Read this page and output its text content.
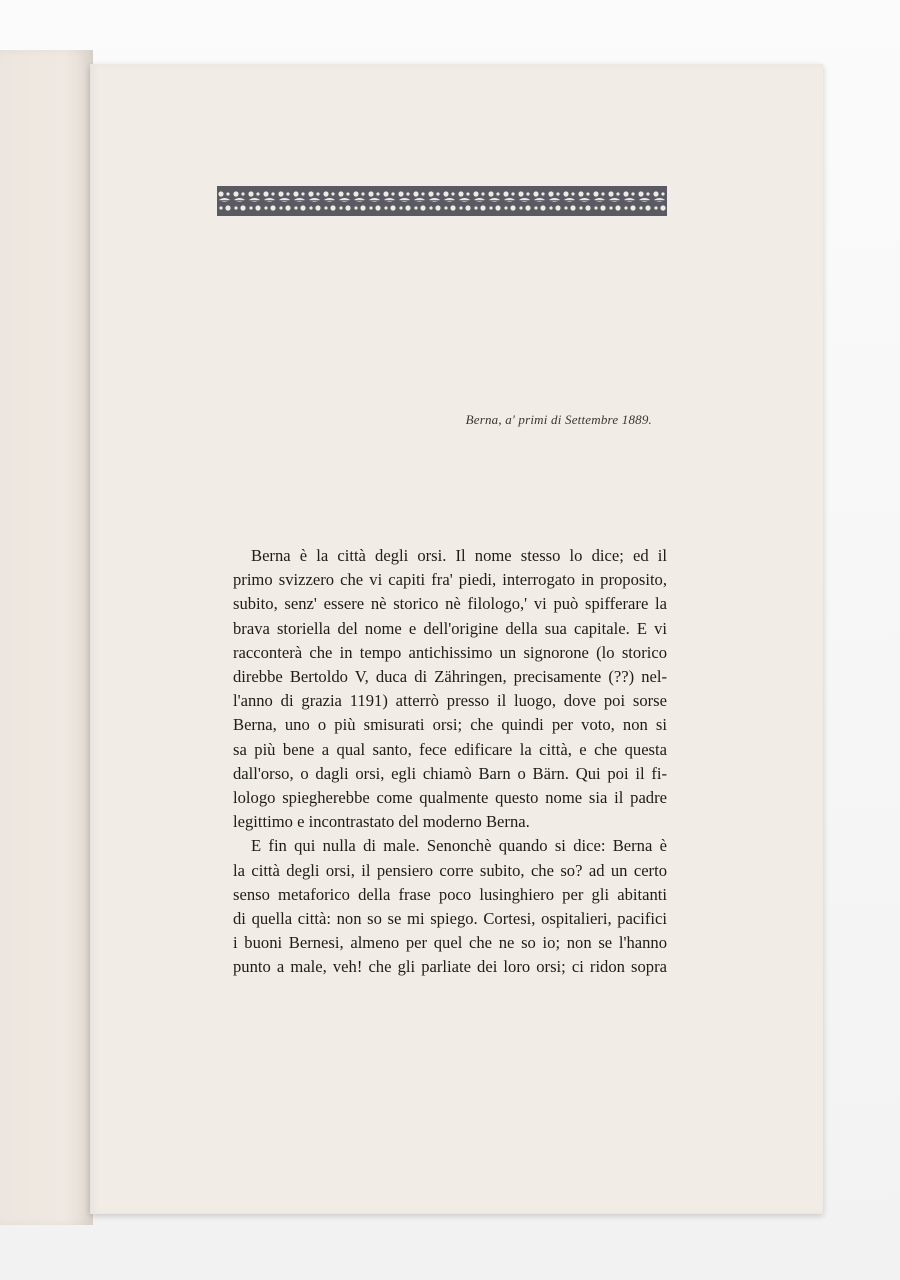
Berna, a' primi di Settembre 1889.
Berna è la città degli orsi. Il nome stesso lo dice; ed il
primo svizzero che vi capiti fra' piedi, interrogato in proposito,
subito, senz' essere nè storico nè filologo,' vi può spifferare la
brava storiella del nome e dell'origine della sua capitale. E vi
racconterà che in tempo antichissimo un signorone (lo storico
direbbe Bertoldo V, duca di Zähringen, precisamente (??) nel-
l'anno di grazia 1191) atterrò presso il luogo, dove poi sorse
Berna, uno o più smisurati orsi; che quindi per voto, non si
sa più bene a qual santo, fece edificare la città, e che questa
dall'orso, o dagli orsi, egli chiamò Barn o Bärn. Qui poi il fi-
lologo spiegherebbe come qualmente questo nome sia il padre
legittimo e incontrastato del moderno Berna.
E fin qui nulla di male. Senonchè quando si dice: Berna è
la città degli orsi, il pensiero corre subito, che so? ad un certo
senso metaforico della frase poco lusinghiero per gli abitanti
di quella città: non so se mi spiego. Cortesi, ospitalieri, pacifici
i buoni Bernesi, almeno per quel che ne so io; non se l'hanno
punto a male, veh! che gli parliate dei loro orsi; ci ridon sopra
